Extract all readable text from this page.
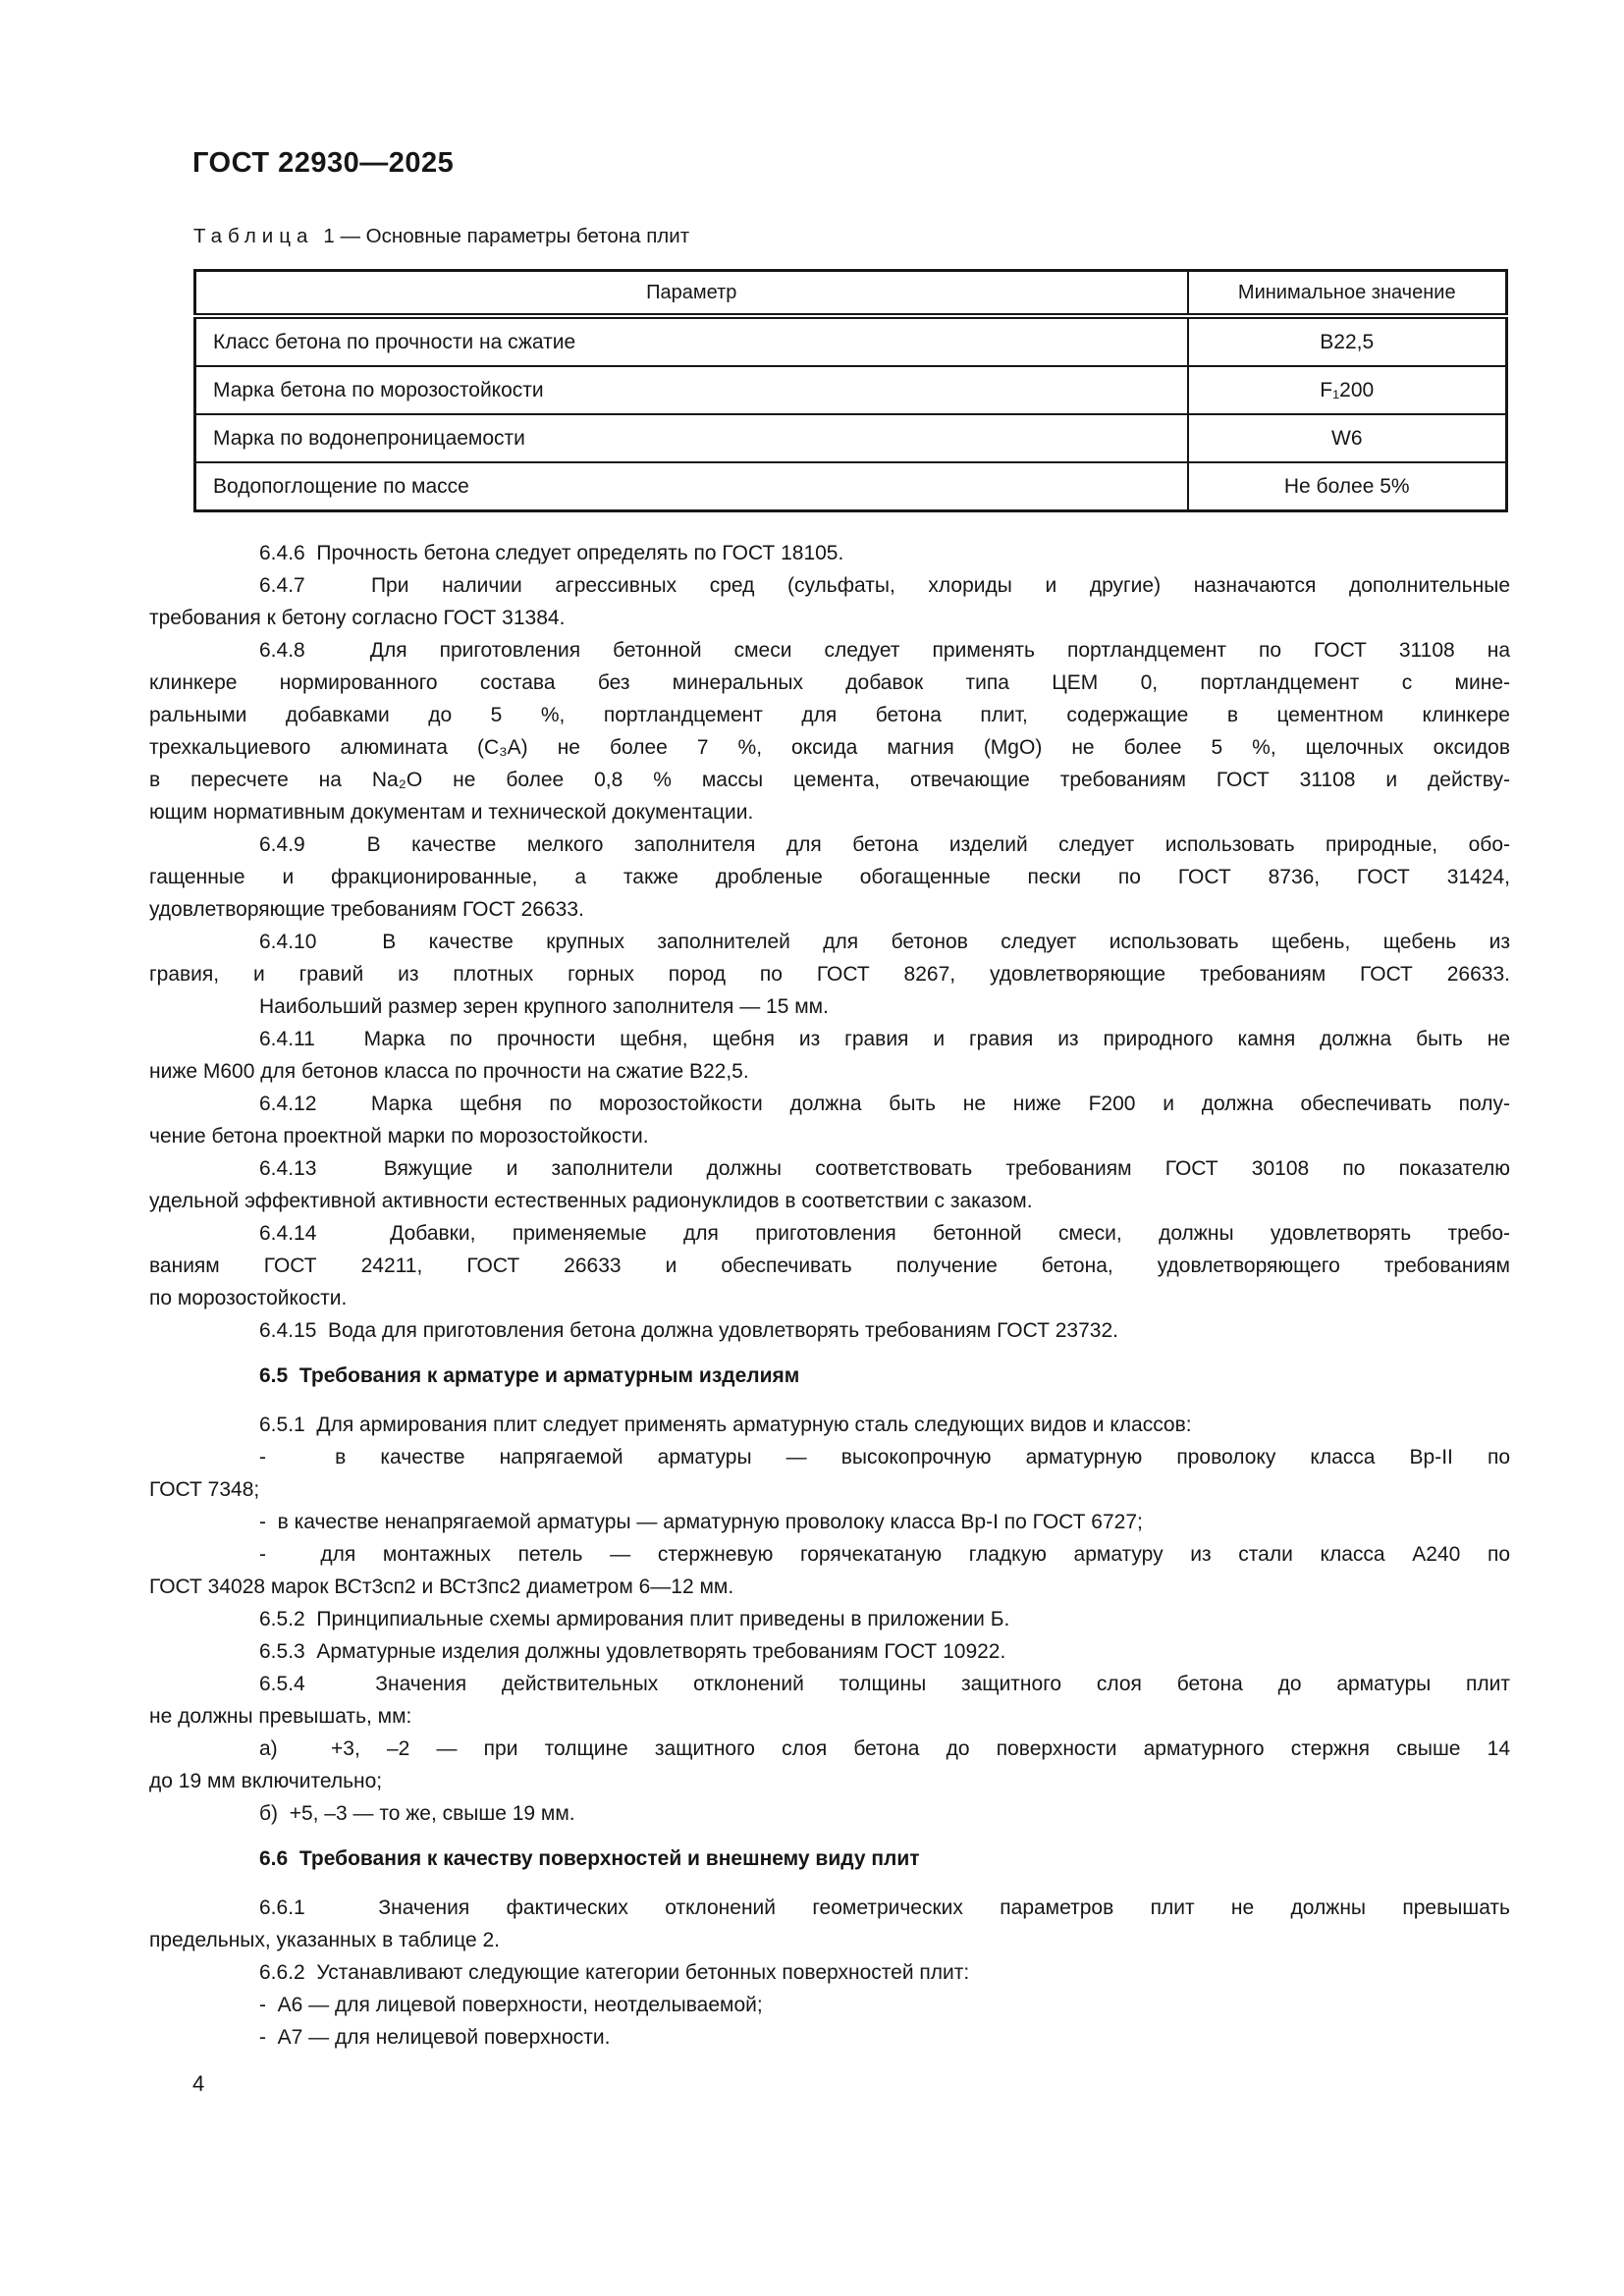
ГОСТ 22930—2025
Таблица 1 — Основные параметры бетона плит
Параметр	Минимальное значение
Класс бетона по прочности на сжатие	В22,5
Марка бетона по морозостойкости	F₁200
Марка по водонепроницаемости	W6
Водопоглощение по массе	Не более 5%

6.4.6  Прочность бетона следует определять по ГОСТ 18105.

6.4.7  При наличии агрессивных сред (сульфаты, хлориды и другие) назначаются дополнительные
требования к бетону согласно ГОСТ 31384.

6.4.8  Для приготовления бетонной смеси следует применять портландцемент по ГОСТ 31108 на
клинкере нормированного состава без минеральных добавок типа ЦЕМ 0, портландцемент с мине-
ральными добавками до 5 %, портландцемент для бетона плит, содержащие в цементном клинкере
трехкальциевого алюмината (C₃A) не более 7 %, оксида магния (MgO) не более 5 %, щелочных оксидов
в пересчете на Na₂O не более 0,8 % массы цемента, отвечающие требованиям ГОСТ 31108 и действу-
ющим нормативным документам и технической документации.

6.4.9  В качестве мелкого заполнителя для бетона изделий следует использовать природные, обо-
гащенные и фракционированные, а также дробленые обогащенные пески по ГОСТ 8736, ГОСТ 31424,
удовлетворяющие требованиям ГОСТ 26633.

6.4.10  В качестве крупных заполнителей для бетонов следует использовать щебень, щебень из
гравия, и гравий из плотных горных пород по ГОСТ 8267, удовлетворяющие требованиям ГОСТ 26633.

Наибольший размер зерен крупного заполнителя — 15 мм.

6.4.11  Марка по прочности щебня, щебня из гравия и гравия из природного камня должна быть не
ниже М600 для бетонов класса по прочности на сжатие В22,5.

6.4.12  Марка щебня по морозостойкости должна быть не ниже F200 и должна обеспечивать полу-
чение бетона проектной марки по морозостойкости.

6.4.13  Вяжущие и заполнители должны соответствовать требованиям ГОСТ 30108 по показателю
удельной эффективной активности естественных радионуклидов в соответствии с заказом.

6.4.14  Добавки, применяемые для приготовления бетонной смеси, должны удовлетворять требо-
ваниям ГОСТ 24211, ГОСТ 26633 и обеспечивать получение бетона, удовлетворяющего требованиям
по морозостойкости.

6.4.15  Вода для приготовления бетона должна удовлетворять требованиям ГОСТ 23732.

6.5  Требования к арматуре и арматурным изделиям

6.5.1  Для армирования плит следует применять арматурную сталь следующих видов и классов:

-  в качестве напрягаемой арматуры — высокопрочную арматурную проволоку класса Вр-II по
ГОСТ 7348;

-  в качестве ненапрягаемой арматуры — арматурную проволоку класса Вр-I по ГОСТ 6727;

-  для монтажных петель — стержневую горячекатаную гладкую арматуру из стали класса А240 по
ГОСТ 34028 марок ВСт3сп2 и ВСт3пс2 диаметром 6—12 мм.

6.5.2  Принципиальные схемы армирования плит приведены в приложении Б.

6.5.3  Арматурные изделия должны удовлетворять требованиям ГОСТ 10922.

6.5.4  Значения действительных отклонений толщины защитного слоя бетона до арматуры плит
не должны превышать, мм:

а)  +3, –2 — при толщине защитного слоя бетона до поверхности арматурного стержня свыше 14
до 19 мм включительно;

б)  +5, –3 — то же, свыше 19 мм.

6.6  Требования к качеству поверхностей и внешнему виду плит

6.6.1  Значения фактических отклонений геометрических параметров плит не должны превышать
предельных, указанных в таблице 2.

6.6.2  Устанавливают следующие категории бетонных поверхностей плит:

-  А6 — для лицевой поверхности, неотделываемой;

-  А7 — для нелицевой поверхности.

4
